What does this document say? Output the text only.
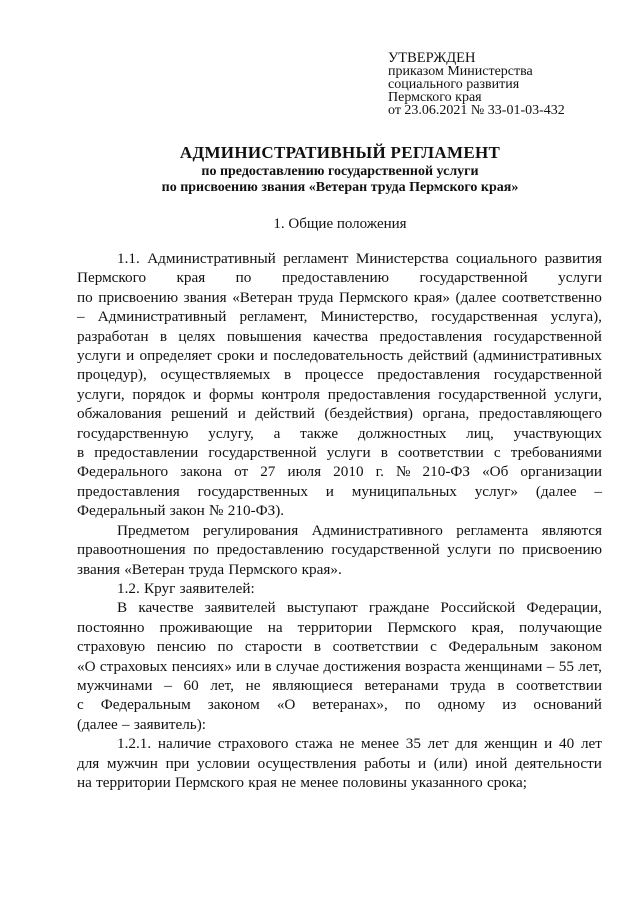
УТВЕРЖДЕН
приказом Министерства
социального развития
Пермского края
от 23.06.2021 № 33-01-03-432
АДМИНИСТРАТИВНЫЙ РЕГЛАМЕНТ
по предоставлению государственной услуги
по присвоению звания «Ветеран труда Пермского края»
1. Общие положения
1.1. Административный регламент Министерства социального развития
Пермского края по предоставлению государственной услуги
по присвоению звания «Ветеран труда Пермского края» (далее соответственно
– Административный регламент, Министерство, государственная услуга),
разработан в целях повышения качества предоставления государственной
услуги и определяет сроки и последовательность действий (административных
процедур), осуществляемых в процессе предоставления государственной
услуги, порядок и формы контроля предоставления государственной услуги,
обжалования решений и действий (бездействия) органа, предоставляющего
государственную услугу, а также должностных лиц, участвующих
в предоставлении государственной услуги в соответствии с требованиями
Федерального закона от 27 июля 2010 г. № 210-ФЗ «Об организации
предоставления государственных и муниципальных услуг» (далее –
Федеральный закон № 210-ФЗ).
Предметом регулирования Административного регламента являются
правоотношения по предоставлению государственной услуги по присвоению
звания «Ветеран труда Пермского края».
1.2. Круг заявителей:
В качестве заявителей выступают граждане Российской Федерации,
постоянно проживающие на территории Пермского края, получающие
страховую пенсию по старости в соответствии с Федеральным законом
«О страховых пенсиях» или в случае достижения возраста женщинами – 55 лет,
мужчинами – 60 лет, не являющиеся ветеранами труда в соответствии
с Федеральным законом «О ветеранах», по одному из оснований
(далее – заявитель):
1.2.1. наличие страхового стажа не менее 35 лет для женщин и 40 лет
для мужчин при условии осуществления работы и (или) иной деятельности
на территории Пермского края не менее половины указанного срока;
